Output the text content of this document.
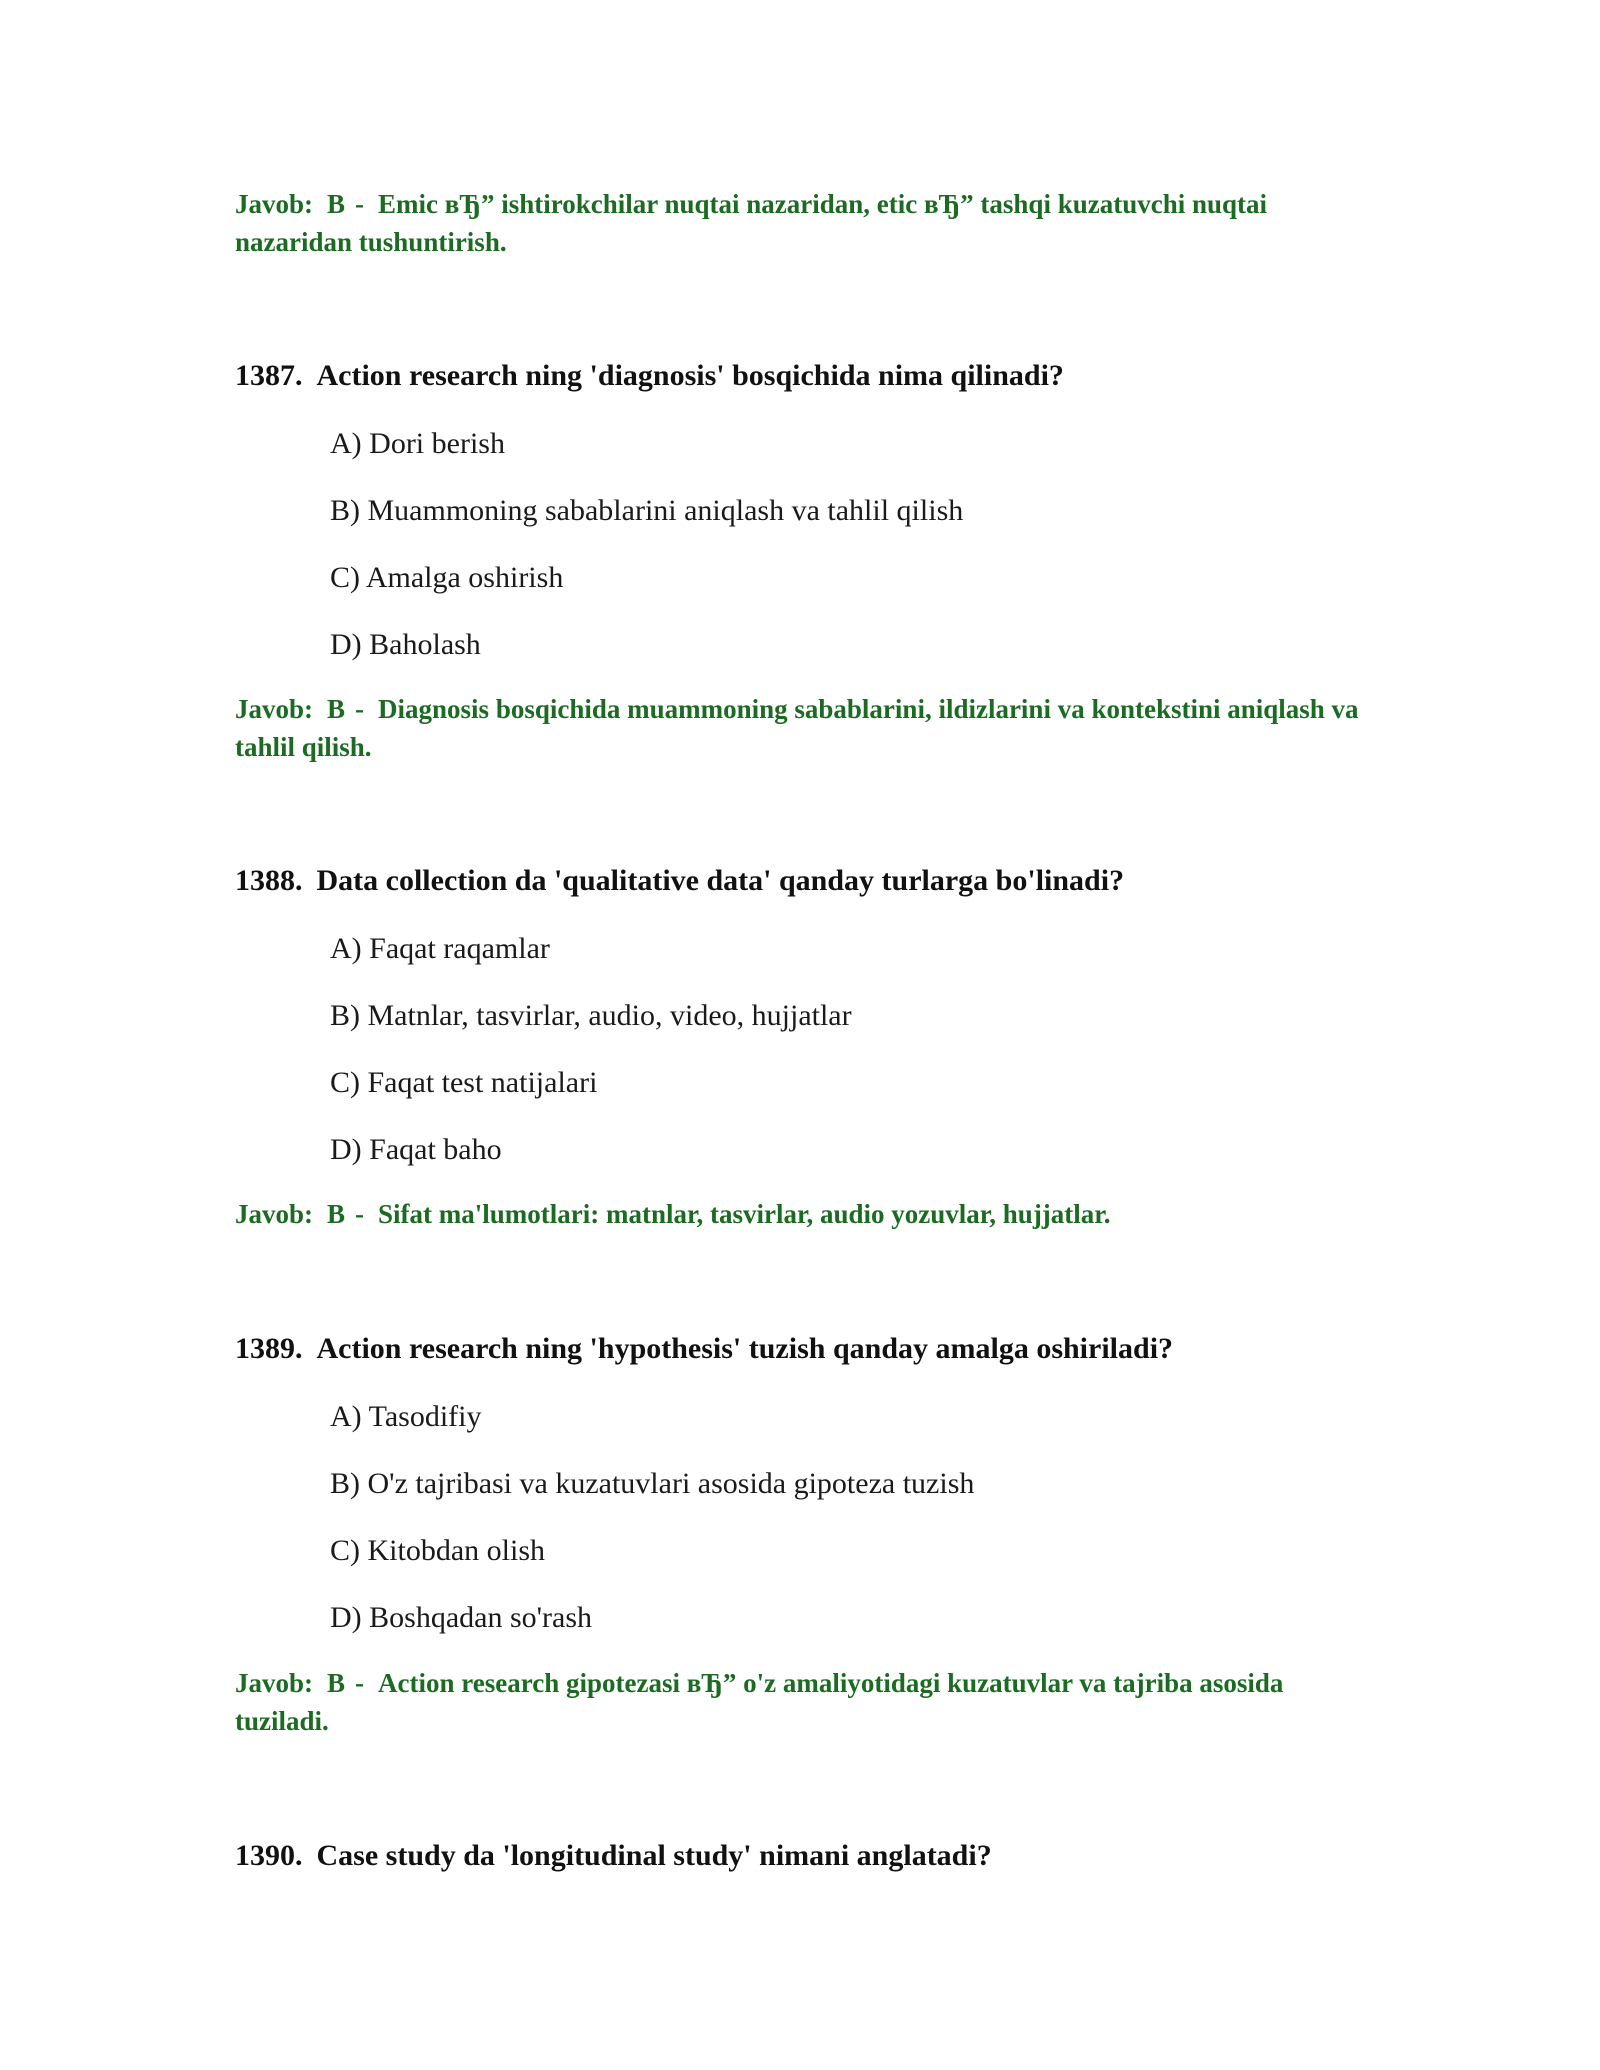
Javob: B - Emic вЂ” ishtirokchilar nuqtai nazaridan, etic вЂ” tashqi kuzatuvchi nuqtai nazaridan tushuntirish.
1387. Action research ning 'diagnosis' bosqichida nima qilinadi?
A) Dori berish
B) Muammoning sabablarini aniqlash va tahlil qilish
C) Amalga oshirish
D) Baholash
Javob: B - Diagnosis bosqichida muammoning sabablarini, ildizlarini va kontekstini aniqlash va tahlil qilish.
1388. Data collection da 'qualitative data' qanday turlarga bo'linadi?
A) Faqat raqamlar
B) Matnlar, tasvirlar, audio, video, hujjatlar
C) Faqat test natijalari
D) Faqat baho
Javob: B - Sifat ma'lumotlari: matnlar, tasvirlar, audio yozuvlar, hujjatlar.
1389. Action research ning 'hypothesis' tuzish qanday amalga oshiriladi?
A) Tasodifiy
B) O'z tajribasi va kuzatuvlari asosida gipoteza tuzish
C) Kitobdan olish
D) Boshqadan so'rash
Javob: B - Action research gipotezasi вЂ” o'z amaliyotidagi kuzatuvlar va tajriba asosida tuziladi.
1390. Case study da 'longitudinal study' nimani anglatadi?
